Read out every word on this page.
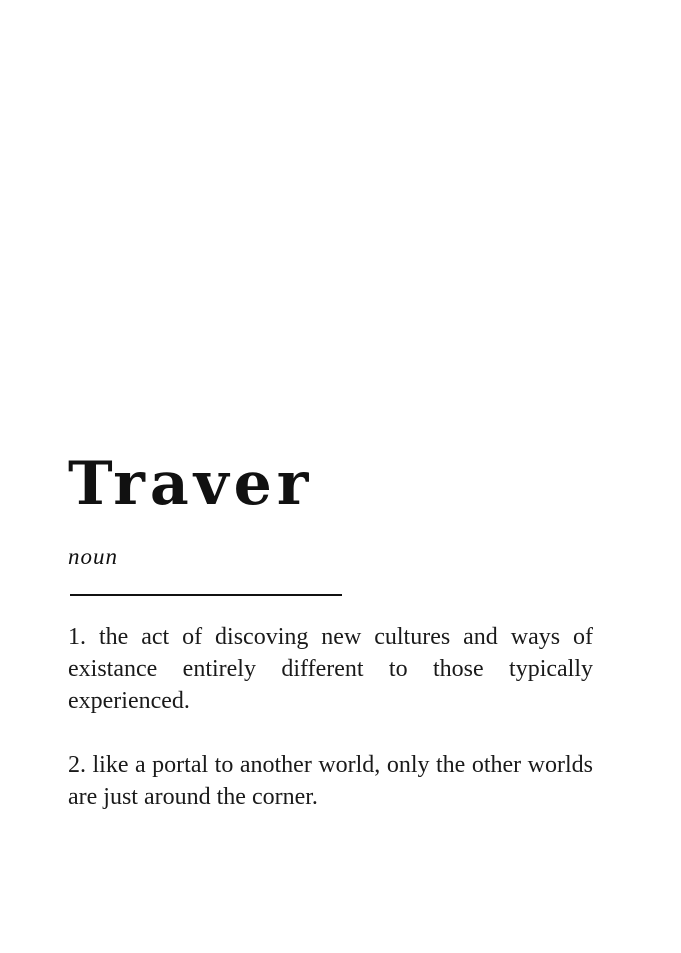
Traver

noun

1. the act of discoving new cultures and ways of existance entirely different to those typically experienced.
2. like a portal to another world, only the other worlds are just around the corner.
